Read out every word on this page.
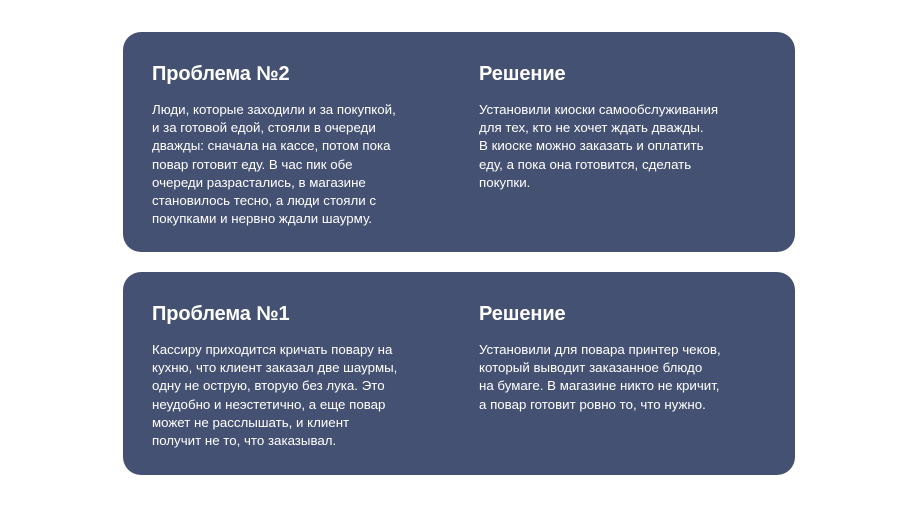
Проблема №2

Люди, которые заходили и за покупкой,
и за готовой едой, стояли в очереди
дважды: сначала на кассе, потом пока
повар готовит еду. В час пик обе
очереди разрастались, в магазине
становилось тесно, а люди стояли с
покупками и нервно ждали шаурму.

Решение

Установили киоски самообслуживания
для тех, кто не хочет ждать дважды.
В киоске можно заказать и оплатить
еду, а пока она готовится, сделать
покупки.

Проблема №1

Кассиру приходится кричать повару на
кухню, что клиент заказал две шаурмы,
одну не острую, вторую без лука. Это
неудобно и неэстетично, а еще повар
может не расслышать, и клиент
получит не то, что заказывал.

Решение

Установили для повара принтер чеков,
который выводит заказанное блюдо
на бумаге. В магазине никто не кричит,
а повар готовит ровно то, что нужно.
